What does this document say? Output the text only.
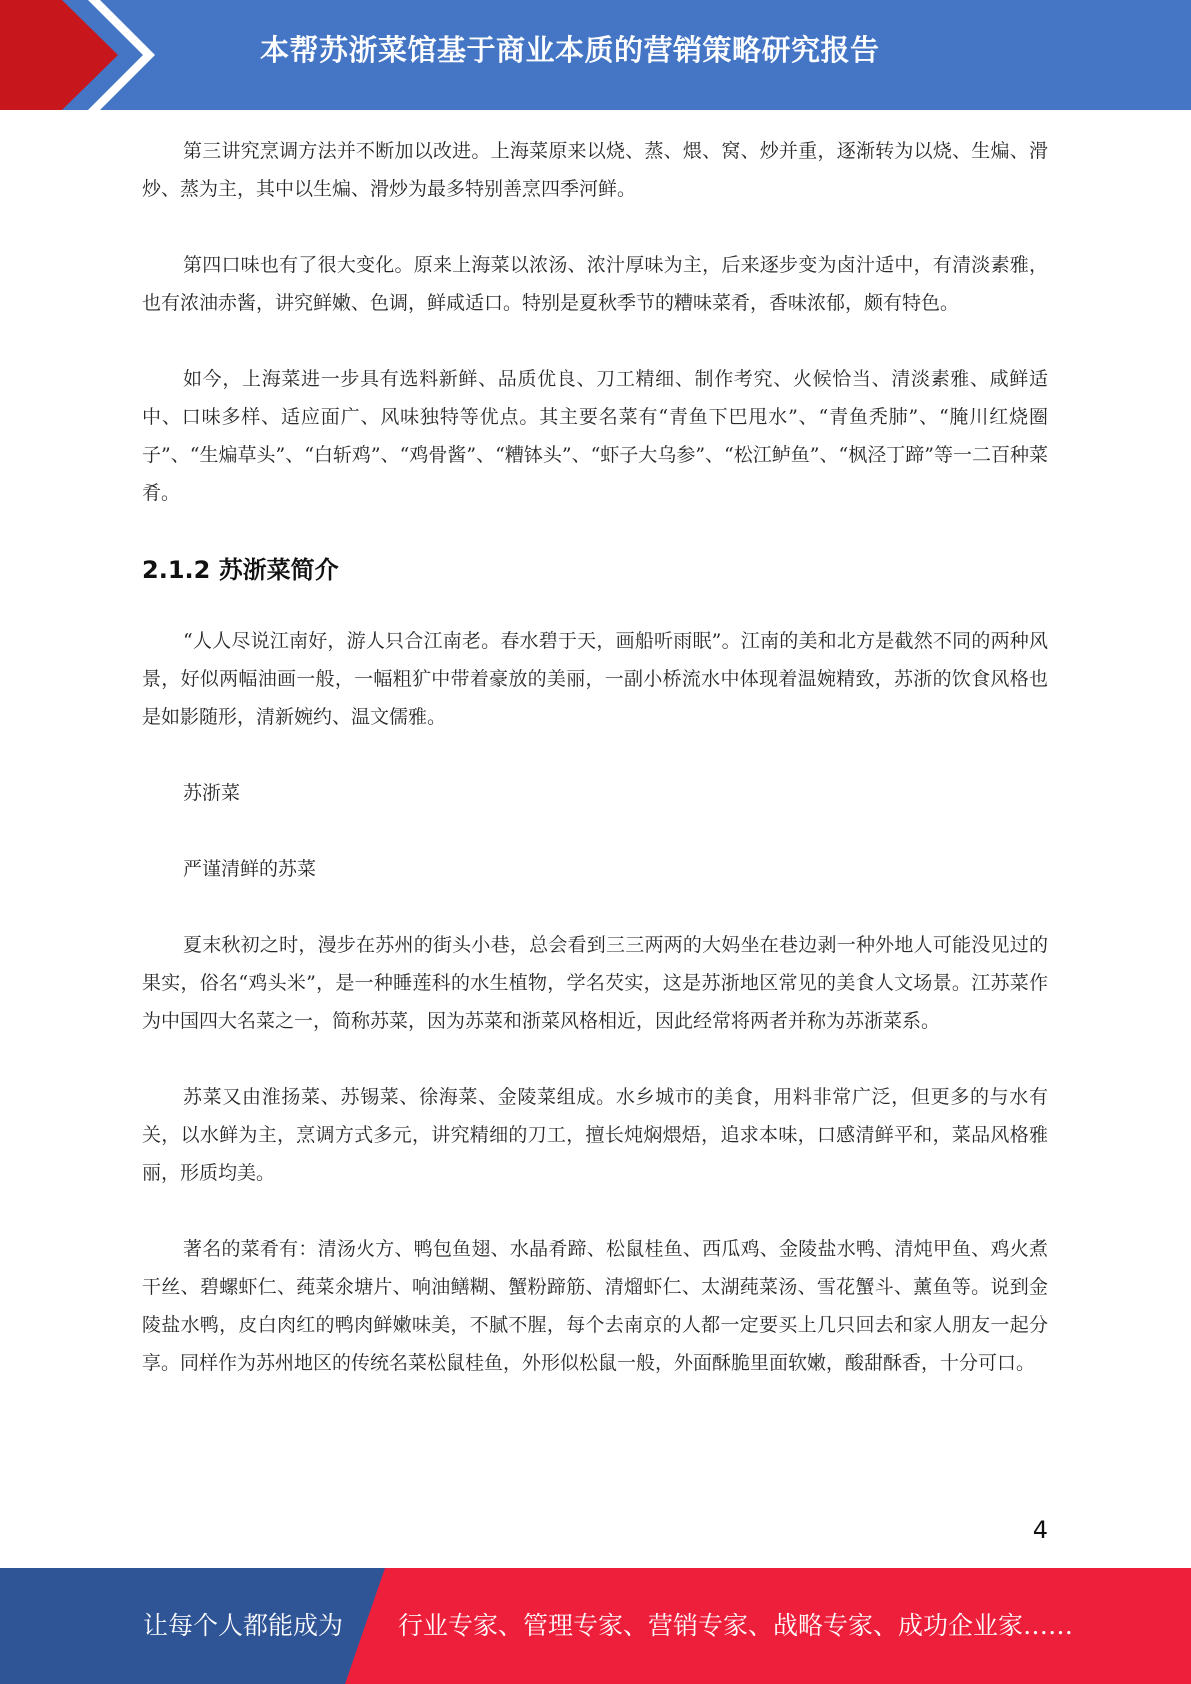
本帮苏浙菜馆基于商业本质的营销策略研究报告

第三讲究烹调方法并不断加以改进。上海菜原来以烧、蒸、煨、窝、炒并重，逐渐转为以烧、生煸、滑炒、蒸为主，其中以生煸、滑炒为最多特别善烹四季河鲜。

第四口味也有了很大变化。原来上海菜以浓汤、浓汁厚味为主，后来逐步变为卤汁适中，有清淡素雅，也有浓油赤酱，讲究鲜嫩、色调，鲜咸适口。特别是夏秋季节的糟味菜肴，香味浓郁，颇有特色。

如今，上海菜进一步具有选料新鲜、品质优良、刀工精细、制作考究、火候恰当、清淡素雅、咸鲜适中、口味多样、适应面广、风味独特等优点。其主要名菜有“青鱼下巴甩水”、“青鱼秃肺”、“腌川红烧圈子”、“生煸草头”、“白斩鸡”、“鸡骨酱”、“糟钵头”、“虾子大乌参”、“松江鲈鱼”、“枫泾丁蹄”等一二百种菜肴。

2.1.2 苏浙菜简介

“人人尽说江南好，游人只合江南老。春水碧于天，画船听雨眠”。江南的美和北方是截然不同的两种风景，好似两幅油画一般，一幅粗犷中带着豪放的美丽，一副小桥流水中体现着温婉精致，苏浙的饮食风格也是如影随形，清新婉约、温文儒雅。

苏浙菜

严谨清鲜的苏菜

夏末秋初之时，漫步在苏州的街头小巷，总会看到三三两两的大妈坐在巷边剥一种外地人可能没见过的果实，俗名“鸡头米”，是一种睡莲科的水生植物，学名芡实，这是苏浙地区常见的美食人文场景。江苏菜作为中国四大名菜之一，简称苏菜，因为苏菜和浙菜风格相近，因此经常将两者并称为苏浙菜系。

苏菜又由淮扬菜、苏锡菜、徐海菜、金陵菜组成。水乡城市的美食，用料非常广泛，但更多的与水有关，以水鲜为主，烹调方式多元，讲究精细的刀工，擅长炖焖煨焐，追求本味，口感清鲜平和，菜品风格雅丽，形质均美。

著名的菜肴有：清汤火方、鸭包鱼翅、水晶肴蹄、松鼠桂鱼、西瓜鸡、金陵盐水鸭、清炖甲鱼、鸡火煮干丝、碧螺虾仁、莼菜氽塘片、响油鳝糊、蟹粉蹄筋、清熘虾仁、太湖莼菜汤、雪花蟹斗、薰鱼等。说到金陵盐水鸭，皮白肉红的鸭肉鲜嫩味美，不腻不腥，每个去南京的人都一定要买上几只回去和家人朋友一起分享。同样作为苏州地区的传统名菜松鼠桂鱼，外形似松鼠一般，外面酥脆里面软嫩，酸甜酥香，十分可口。

4
让每个人都能成为 行业专家、管理专家、营销专家、战略专家、成功企业家……
